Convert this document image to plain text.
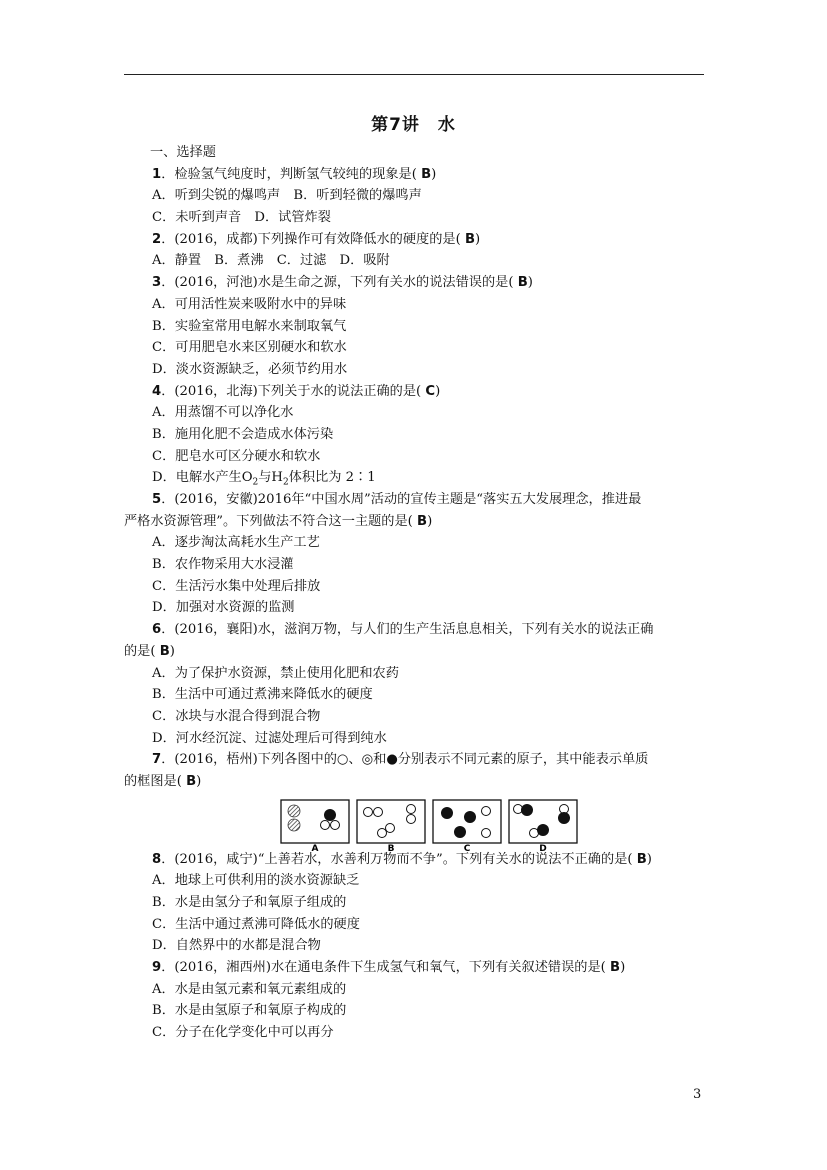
第7讲　水
一、选择题
1．检验氢气纯度时，判断氢气较纯的现象是( B)
A．听到尖锐的爆鸣声　B．听到轻微的爆鸣声
C．未听到声音　D．试管炸裂
2．(2016，成都)下列操作可有效降低水的硬度的是( B)
A．静置　B．煮沸　C．过滤　D．吸附
3．(2016，河池)水是生命之源，下列有关水的说法错误的是( B)
A．可用活性炭来吸附水中的异味
B．实验室常用电解水来制取氧气
C．可用肥皂水来区别硬水和软水
D．淡水资源缺乏，必须节约用水
4．(2016，北海)下列关于水的说法正确的是( C)
A．用蒸馏不可以净化水
B．施用化肥不会造成水体污染
C．肥皂水可区分硬水和软水
D．电解水产生$O_2$与$H_2$体积比为 2∶1
5．(2016，安徽)2016年“中国水周”活动的宣传主题是“落实五大发展理念，推进最
严格水资源管理”。下列做法不符合这一主题的是( B)
A．逐步淘汰高耗水生产工艺
B．农作物采用大水浸灌
C．生活污水集中处理后排放
D．加强对水资源的监测
6．(2016，襄阳)水，滋润万物，与人们的生产生活息息相关，下列有关水的说法正确
的是( B)
A．为了保护水资源，禁止使用化肥和农药
B．生活中可通过煮沸来降低水的硬度
C．冰块与水混合得到混合物
D．河水经沉淀、过滤处理后可得到纯水
7．(2016，梧州)下列各图中的○、◎和●分别表示不同元素的原子，其中能表示单质
的框图是( B)
A	B	C	D
8．(2016，咸宁)“上善若水，水善利万物而不争”。下列有关水的说法不正确的是( B)
A．地球上可供利用的淡水资源缺乏
B．水是由氢分子和氧原子组成的
C．生活中通过煮沸可降低水的硬度
D．自然界中的水都是混合物
9．(2016，湘西州)水在通电条件下生成氢气和氧气，下列有关叙述错误的是( B)
A．水是由氢元素和氧元素组成的
B．水是由氢原子和氧原子构成的
C．分子在化学变化中可以再分
3
